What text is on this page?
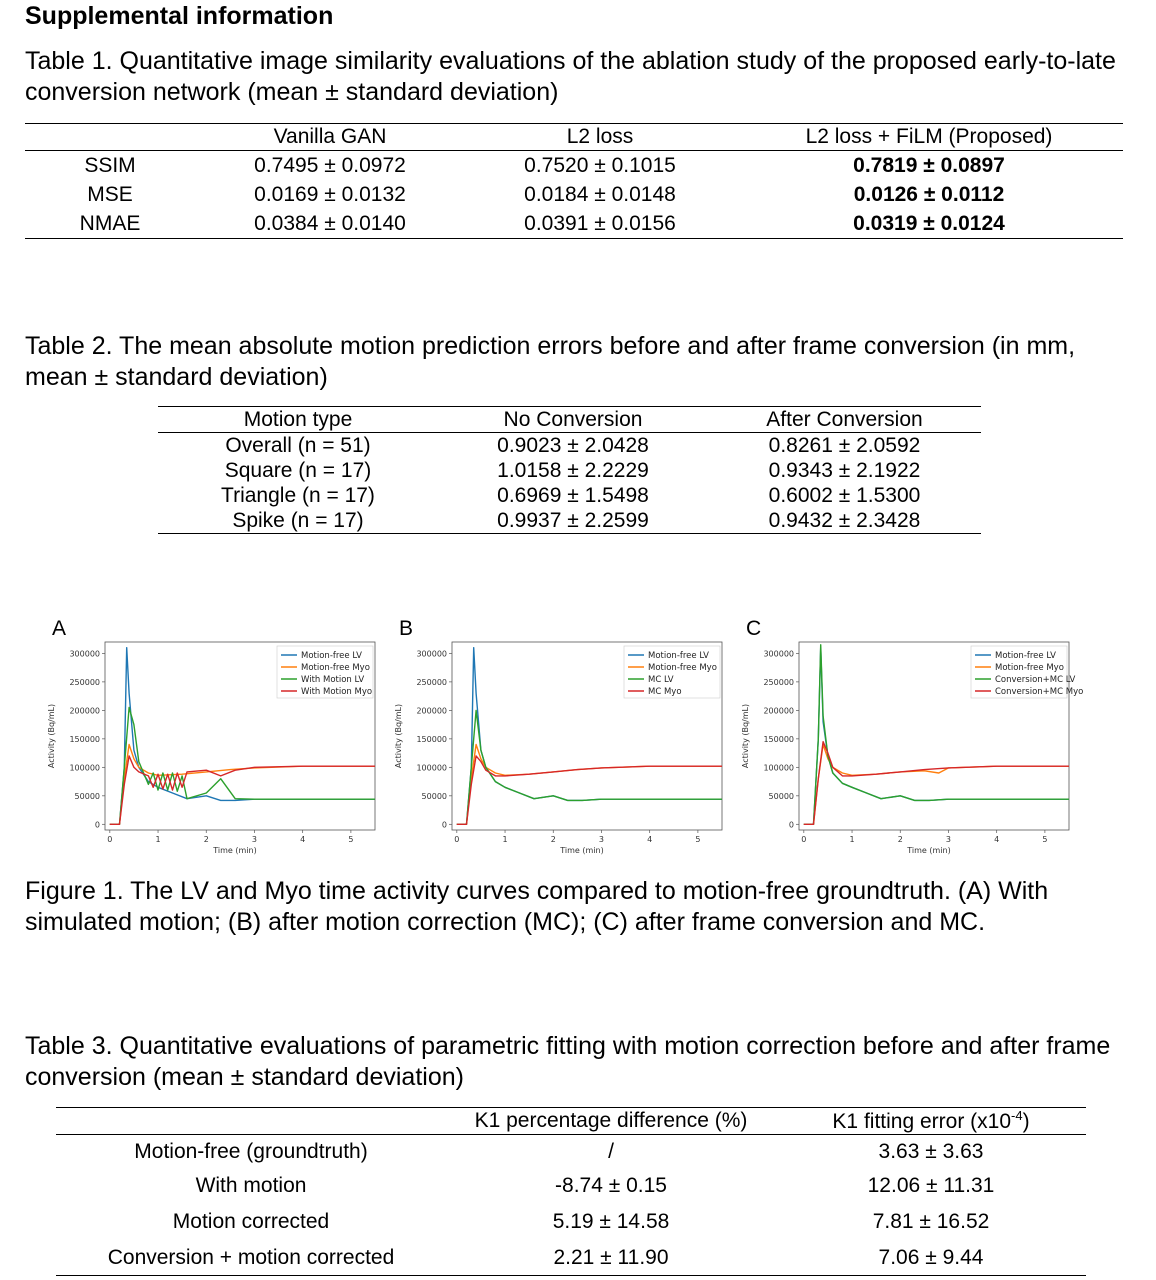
Supplemental information

Table 1. Quantitative image similarity evaluations of the ablation study of the proposed early-to-late conversion network (mean ± standard deviation)

	Vanilla GAN	L2 loss	L2 loss + FiLM (Proposed)
SSIM	0.7495 ± 0.0972	0.7520 ± 0.1015	0.7819 ± 0.0897
MSE	0.0169 ± 0.0132	0.0184 ± 0.0148	0.0126 ± 0.0112
NMAE	0.0384 ± 0.0140	0.0391 ± 0.0156	0.0319 ± 0.0124

Table 2. The mean absolute motion prediction errors before and after frame conversion (in mm, mean ± standard deviation)

Motion type	No Conversion	After Conversion
Overall (n = 51)	0.9023 ± 2.0428	0.8261 ± 2.0592
Square (n = 17)	1.0158 ± 2.2229	0.9343 ± 2.1922
Triangle (n = 17)	0.6969 ± 1.5498	0.6002 ± 1.5300
Spike (n = 17)	0.9937 ± 2.2599	0.9432 ± 2.3428
A
0
50000
100000
150000
200000
250000
300000
0	1	2	3	4	5
Time (min)
Activity (Bq/mL)
Motion-free LV
Motion-free Myo
With Motion LV
With Motion Myo
B
0
50000
100000
150000
200000
250000
300000
0	1	2	3	4	5
Time (min)
Activity (Bq/mL)
Motion-free LV
Motion-free Myo
MC LV
MC Myo
C
0
50000
100000
150000
200000
250000
300000
0	1	2	3	4	5
Time (min)
Activity (Bq/mL)
Motion-free LV
Motion-free Myo
Conversion+MC LV
Conversion+MC Myo

Figure 1. The LV and Myo time activity curves compared to motion-free groundtruth. (A) With simulated motion; (B) after motion correction (MC); (C) after frame conversion and MC.

Table 3. Quantitative evaluations of parametric fitting with motion correction before and after frame conversion (mean ± standard deviation)

	K1 percentage difference (%)	K1 fitting error $(x10^{-4})$
Motion-free (groundtruth)	/	3.63 ± 3.63
With motion	-8.74 ± 0.15	12.06 ± 11.31
Motion corrected	5.19 ± 14.58	7.81 ± 16.52
Conversion + motion corrected	2.21 ± 11.90	7.06 ± 9.44
